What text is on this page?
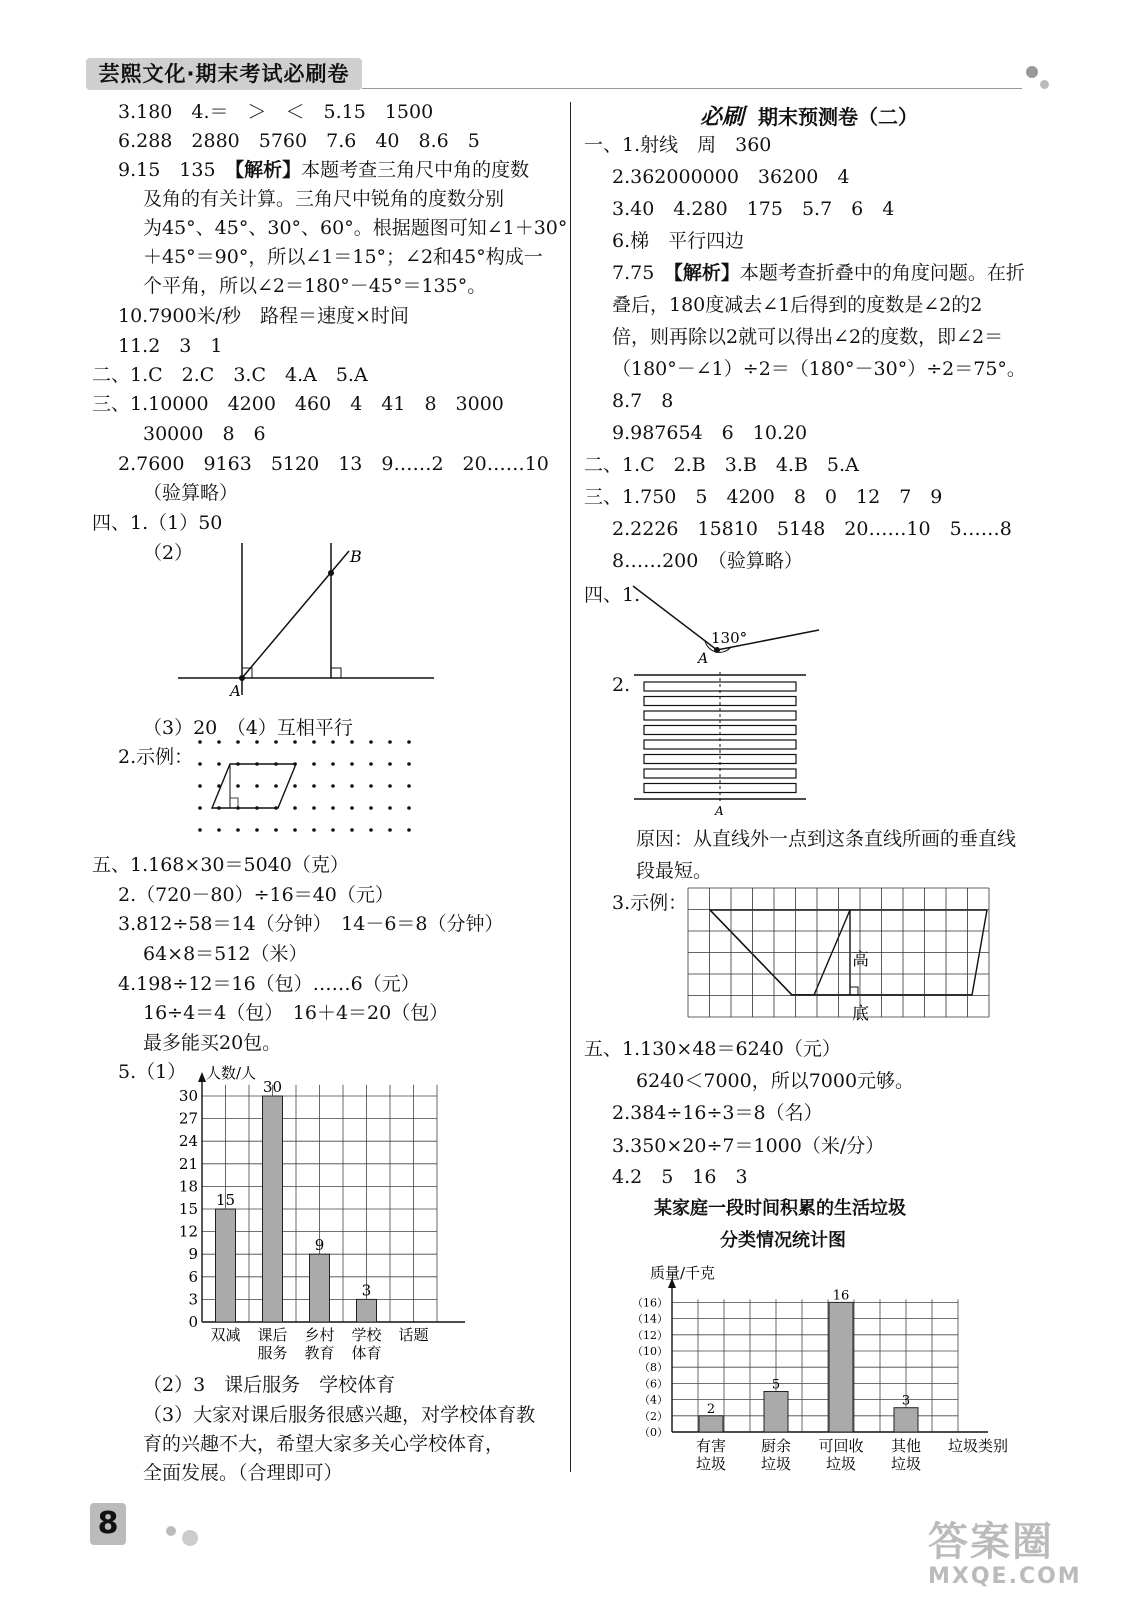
芸熙文化·期末考试必刷卷
3.180　4.＝　＞　＜　5.15　1500
6.288　2880　5760　7.6　40　8.6　5
9.15　135　【解析】本题考查三角尺中角的度数
及角的有关计算。三角尺中锐角的度数分别
为45°、45°、30°、60°。根据题图可知∠1＋30°
＋45°＝90°，所以∠1＝15°；∠2和45°构成一
个平角，所以∠2＝180°－45°＝135°。
10.7900米/秒　路程＝速度×时间
11.2　3　1
二、1.C　2.C　3.C　4.A　5.A
三、1.10000　4200　460　4　41　8　3000
30000　8　6
2.7600　9163　5120　13　9……2　20……10
（验算略）
四、1.（1）50
（2）
A
B
（3）20　（4）互相平行
2.示例：
五、1.168×30＝5040（克）
2.（720－80）÷16＝40（元）
3.812÷58＝14（分钟）　14－6＝8（分钟）
64×8＝512（米）
4.198÷12＝16（包）……6（元）
16÷4＝4（包）　16＋4＝20（包）
最多能买20包。
5.（1）
0
3
6
9
12
15
18
21
24
27
30
人数/人
15
双减
30
课后
服务
9
乡村
教育
3
学校
体育
话题
（2）3　课后服务　学校体育
（3）大家对课后服务很感兴趣，对学校体育教
育的兴趣不大，希望大家多关心学校体育，
全面发展。（合理即可）
必刷 期末预测卷（二）
一、1.射线　周　360
2.362000000　36200　4
3.40　4.280　175　5.7　6　4
6.梯　平行四边
7.75　【解析】本题考查折叠中的角度问题。在折
叠后，180度减去∠1后得到的度数是∠2的2
倍，则再除以2就可以得出∠2的度数，即∠2＝
（180°－∠1）÷2＝（180°－30°）÷2＝75°。
8.7　8
9.987654　6　10.20
二、1.C　2.B　3.B　4.B　5.A
三、1.750　5　4200　8　0　12　7　9
2.2226　15810　5148　20……10　5……8
8……200　（验算略）
四、1.
130°
A
2.
A
原因：从直线外一点到这条直线所画的垂直线
段最短。
3.示例：
高
底
五、1.130×48＝6240（元）
6240＜7000，所以7000元够。
2.384÷16÷3＝8（名）
3.350×20÷7＝1000（米/分）
4.2　5　16　3
某家庭一段时间积累的生活垃圾
分类情况统计图
（0）
（2）
（4）
（6）
（8）
（10）
（12）
（14）
（16）
质量/千克
垃圾类别
2
有害
垃圾
5
厨余
垃圾
16
可回收
垃圾
3
其他
垃圾
8	答案圈
MXQE.COM
